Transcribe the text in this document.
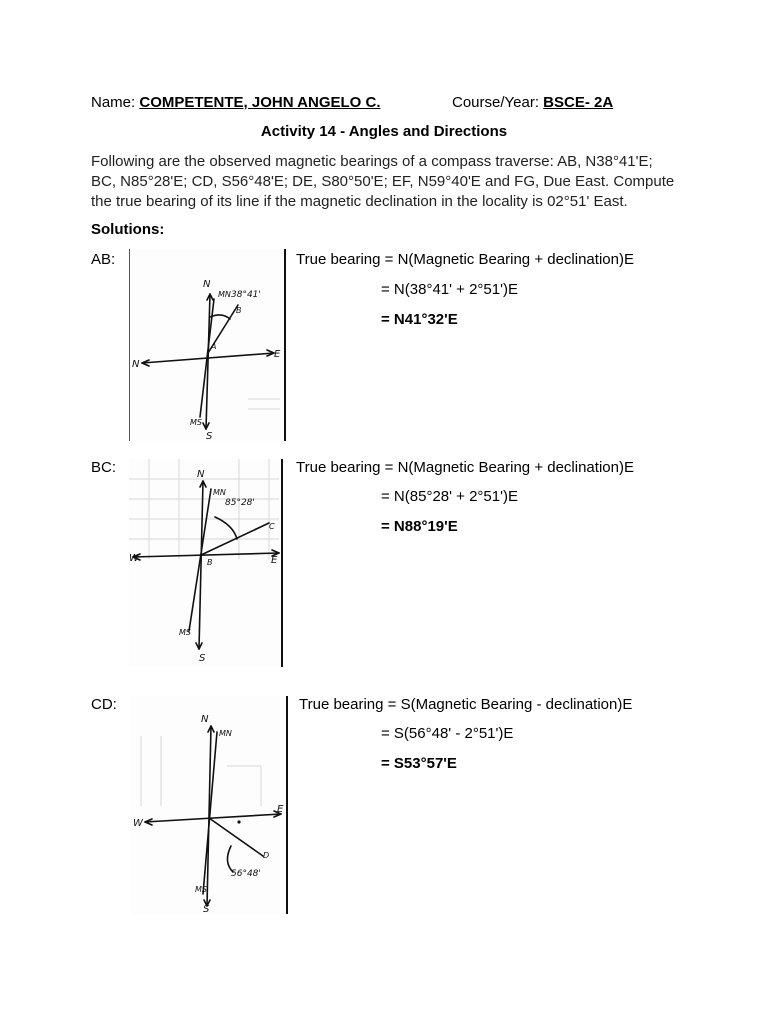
Name: COMPETENTE, JOHN ANGELO C.	Course/Year: BSCE- 2A
Activity 14 - Angles and Directions
Following are the observed magnetic bearings of a compass traverse: AB, N38°41'E;
BC, N85°28'E; CD, S56°48'E; DE, S80°50'E; EF, N59°40'E and FG, Due East. Compute
the true bearing of its line if the magnetic declination in the locality is 02°51' East.
Solutions:
AB:	True bearing = N(Magnetic Bearing + declination)E
= N(38°41' + 2°51')E
= N41°32'E
N
MN 38°41'
B
A
N
E
MS
S
BC:	True bearing = N(Magnetic Bearing + declination)E
= N(85°28' + 2°51')E
= N88°19'E
N
MN
85°28'
C
B
W	E
MS
S
CD:	True bearing = S(Magnetic Bearing - declination)E
= S(56°48' - 2°51')E
= S53°57'E
N
MN
D
56°48'
W
E
MS
S
